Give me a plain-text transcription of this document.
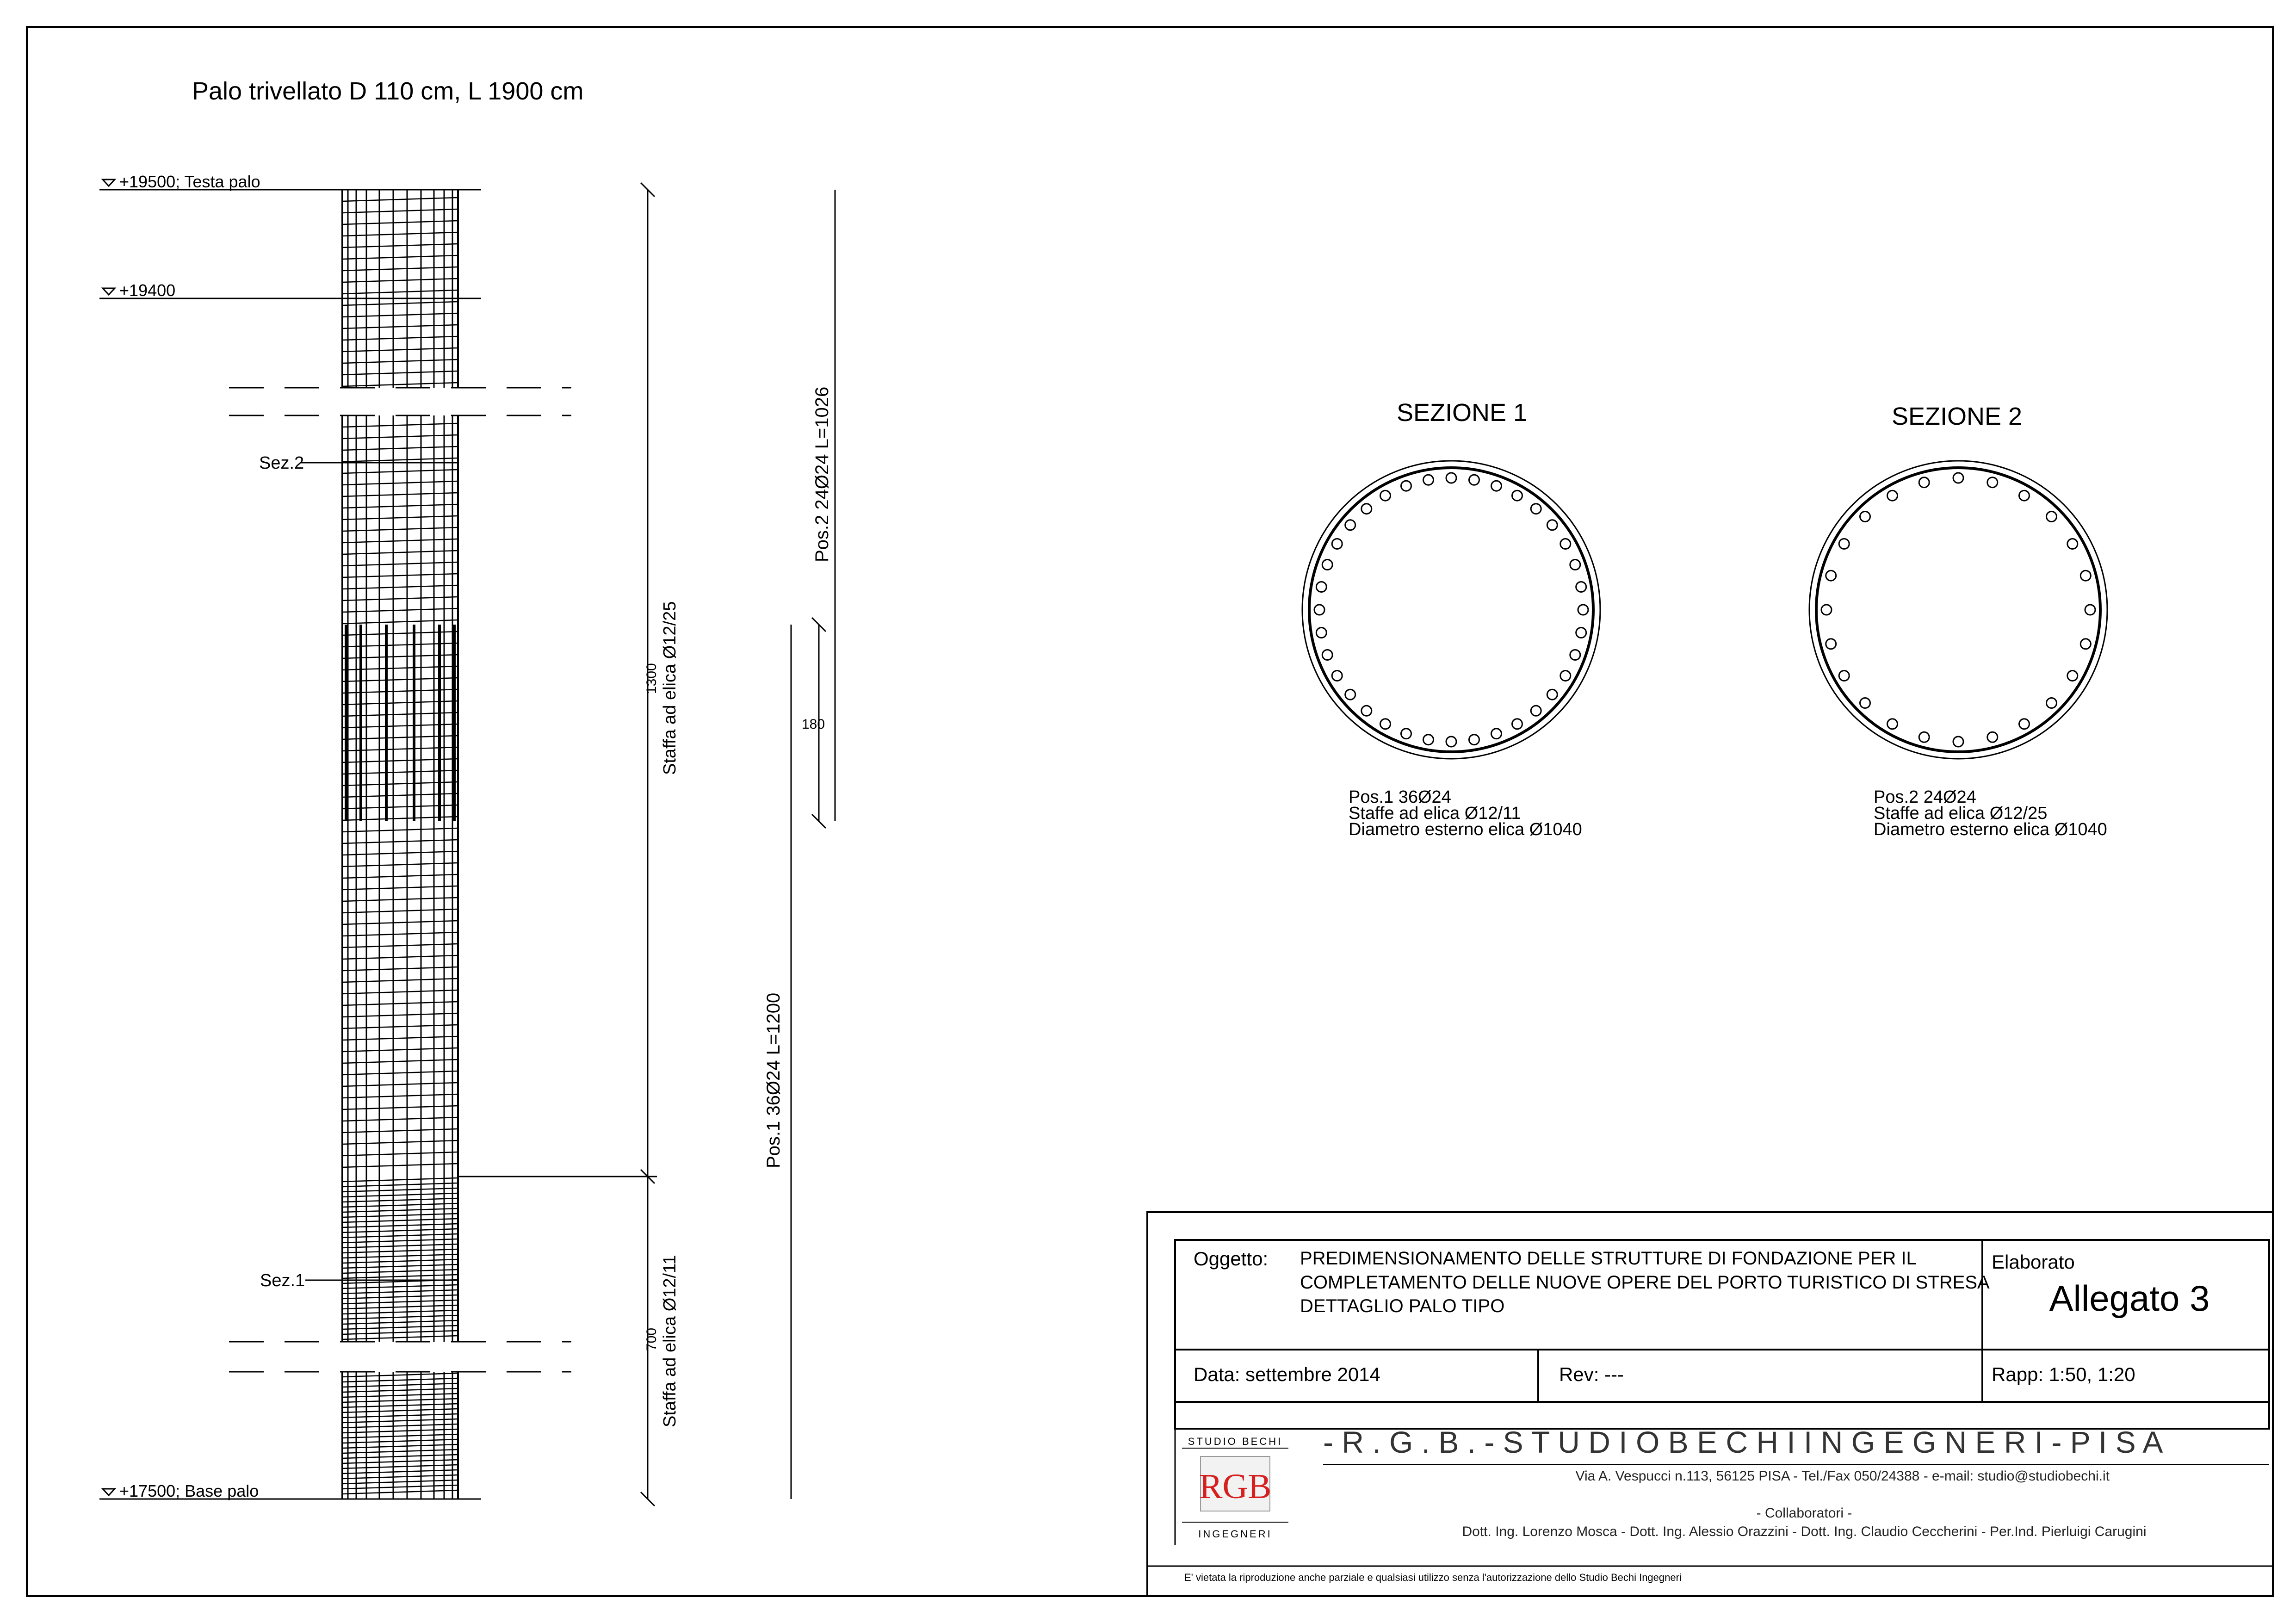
Palo trivellato D 110 cm, L 1900 cm
+19500; Testa palo
+19400
+17500; Base palo
Sez.2
Sez.1
1300 Staffa ad elica Ø12/25
700 Staffa ad elica Ø12/11
180
Pos.2 24Ø24 L=1026
Pos.1 36Ø24 L=1200
SEZIONE 1
Pos.1 36Ø24
Staffe ad elica Ø12/11
Diametro esterno elica Ø1040
SEZIONE 2
Pos.2 24Ø24
Staffe ad elica Ø12/25
Diametro esterno elica Ø1040
Oggetto: PREDIMENSIONAMENTO DELLE STRUTTURE DI FONDAZIONE PER IL
COMPLETAMENTO DELLE NUOVE OPERE DEL PORTO TURISTICO DI STRESA
DETTAGLIO PALO TIPO
Elaborato
Allegato 3
Data: settembre 2014	Rev: ---	Rapp: 1:50, 1:20
- R . G . B . - S T U D I O B E C H I I N G E G N E R I - P I S A
Via A. Vespucci n.113, 56125 PISA - Tel./Fax 050/24388 - e-mail: studio@studiobechi.it
- Collaboratori -
Dott. Ing. Lorenzo Mosca - Dott. Ing. Alessio Orazzini - Dott. Ing. Claudio Ceccherini - Per.Ind. Pierluigi Carugini
E' vietata la riproduzione anche parziale e qualsiasi utilizzo senza l'autorizzazione dello Studio Bechi Ingegneri
STUDIO BECHI
RGB
INGEGNERI
